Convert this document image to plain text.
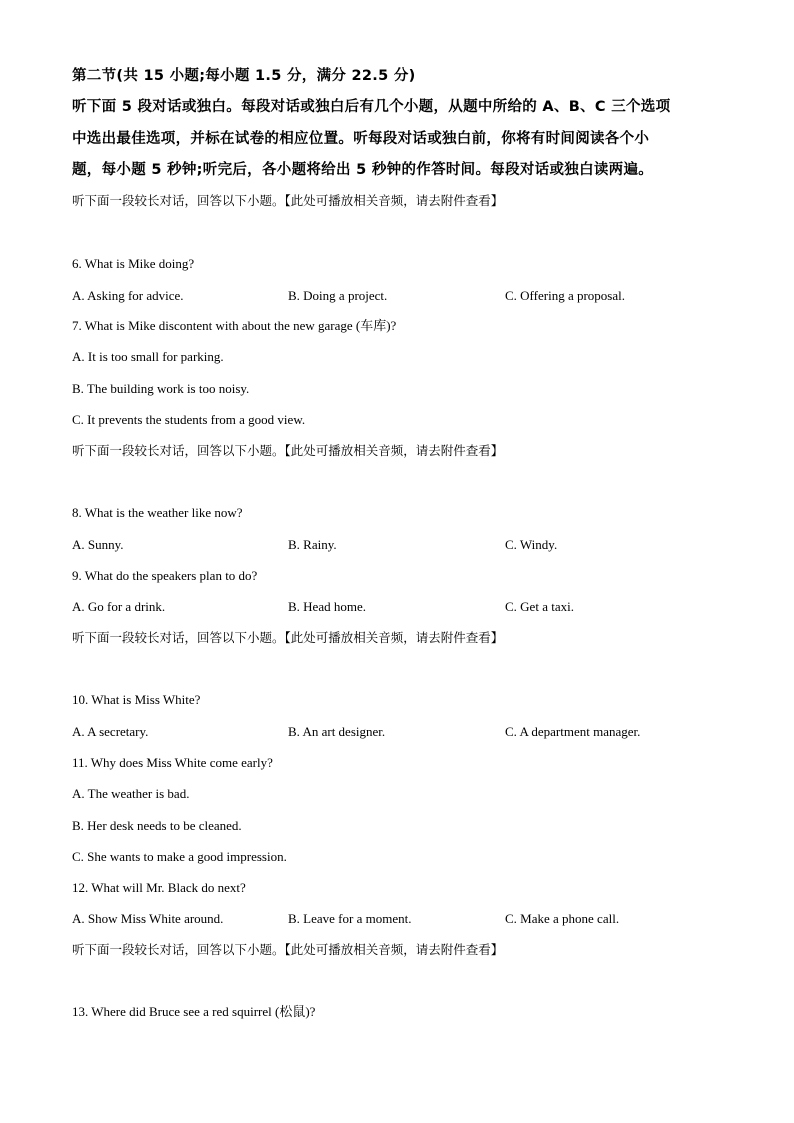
第二节(共 15 小题;每小题 1.5 分，满分 22.5 分)
听下面 5 段对话或独白。每段对话或独白后有几个小题，从题中所给的 A、B、C 三个选项
中选出最佳选项，并标在试卷的相应位置。听每段对话或独白前，你将有时间阅读各个小
题，每小题 5 秒钟;听完后，各小题将给出 5 秒钟的作答时间。每段对话或独白读两遍。
听下面一段较长对话，回答以下小题。【此处可播放相关音频，请去附件查看】
6. What is Mike doing?
A. Asking for advice.	B. Doing a project.	C. Offering a proposal.
7. What is Mike discontent with about the new garage (车库)?
A. It is too small for parking.
B. The building work is too noisy.
C. It prevents the students from a good view.
听下面一段较长对话，回答以下小题。【此处可播放相关音频，请去附件查看】
8. What is the weather like now?
A. Sunny.	B. Rainy.	C. Windy.
9. What do the speakers plan to do?
A. Go for a drink.	B. Head home.	C. Get a taxi.
听下面一段较长对话，回答以下小题。【此处可播放相关音频，请去附件查看】
10. What is Miss White?
A. A secretary.	B. An art designer.	C. A department manager.
11. Why does Miss White come early?
A. The weather is bad.
B. Her desk needs to be cleaned.
C. She wants to make a good impression.
12. What will Mr. Black do next?
A. Show Miss White around.	B. Leave for a moment.	C. Make a phone call.
听下面一段较长对话，回答以下小题。【此处可播放相关音频，请去附件查看】
13. Where did Bruce see a red squirrel (松鼠)?
